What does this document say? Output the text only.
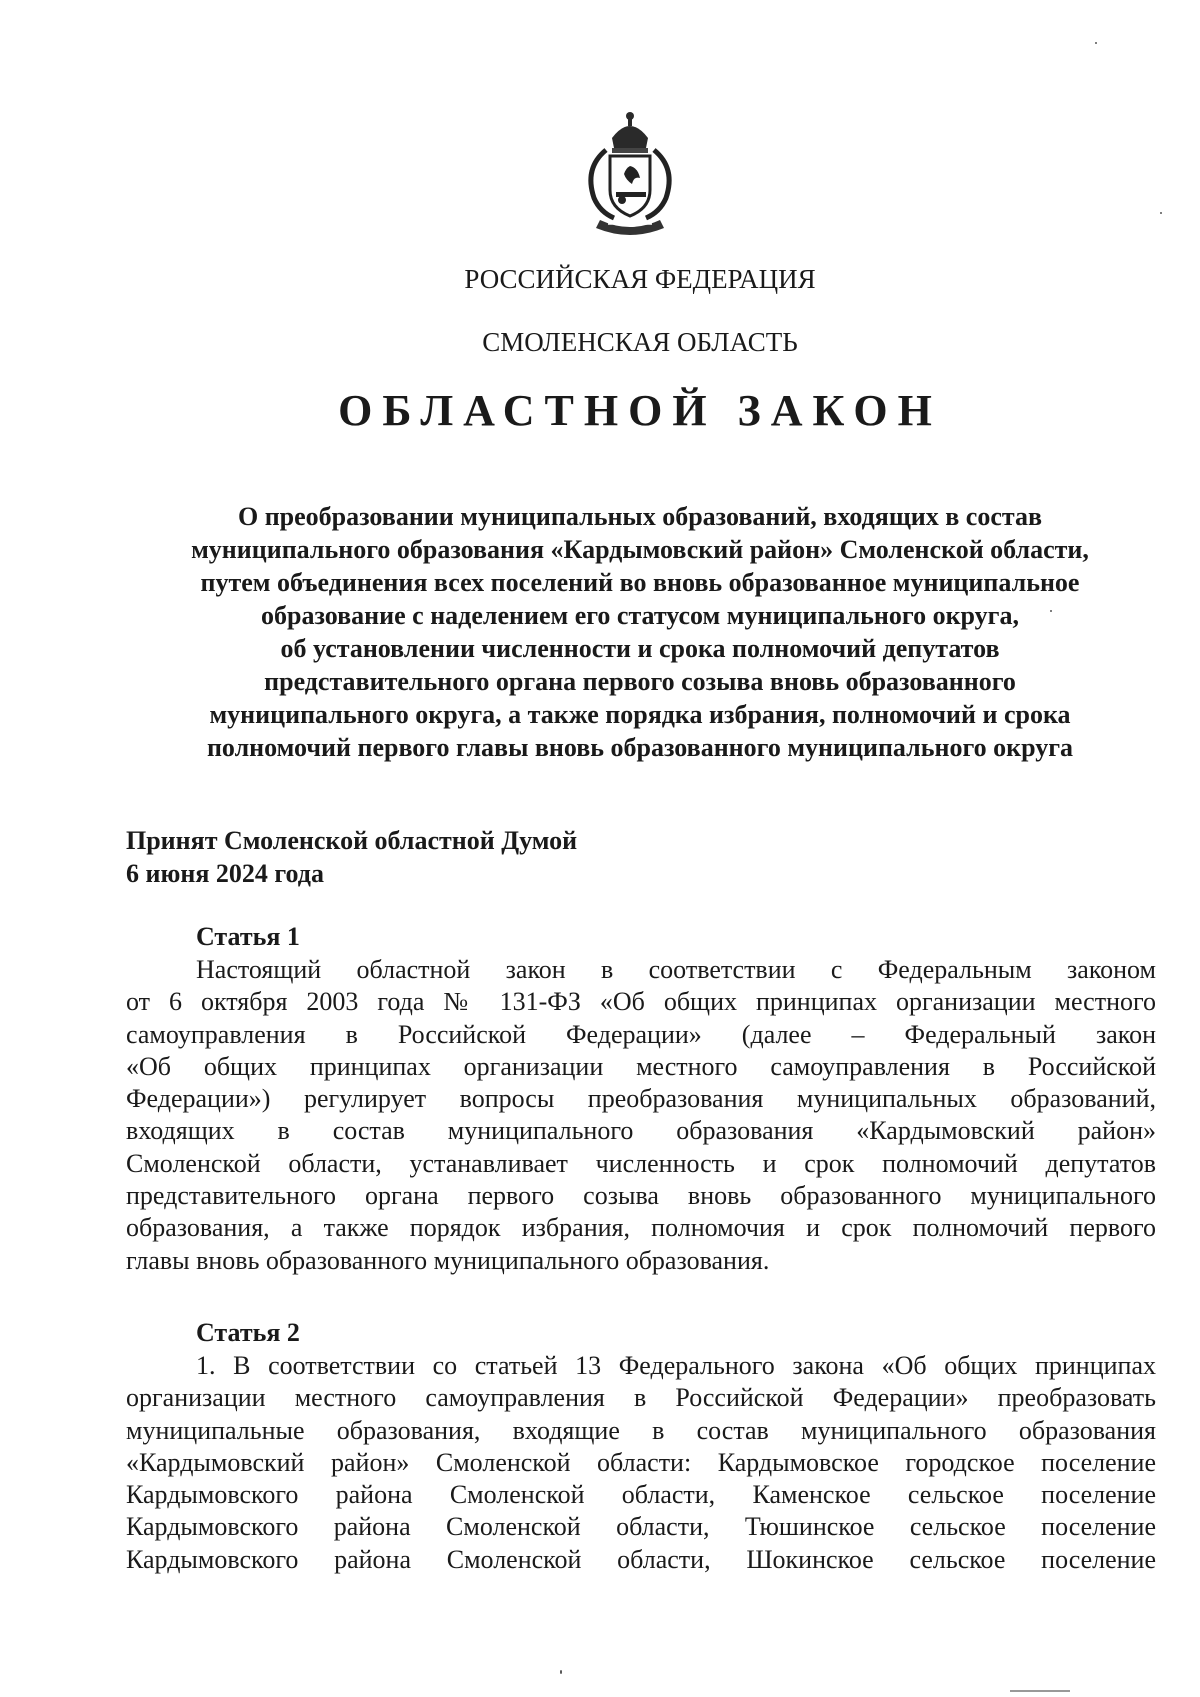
РОССИЙСКАЯ ФЕДЕРАЦИЯ
СМОЛЕНСКАЯ ОБЛАСТЬ
ОБЛАСТНОЙ ЗАКОН
О преобразовании муниципальных образований, входящих в состав
муниципального образования «Кардымовский район» Смоленской области,
путем объединения всех поселений во вновь образованное муниципальное
образование с наделением его статусом муниципального округа,
об установлении численности и срока полномочий депутатов
представительного органа первого созыва вновь образованного
муниципального округа, а также порядка избрания, полномочий и срока
полномочий первого главы вновь образованного муниципального округа
Принят Смоленской областной Думой
6 июня 2024 года
Статья 1
Настоящий областной закон в соответствии с Федеральным законом
от 6 октября 2003 года № 131-ФЗ «Об общих принципах организации местного
самоуправления в Российской Федерации» (далее – Федеральный закон
«Об общих принципах организации местного самоуправления в Российской
Федерации») регулирует вопросы преобразования муниципальных образований,
входящих в состав муниципального образования «Кардымовский район»
Смоленской области, устанавливает численность и срок полномочий депутатов
представительного органа первого созыва вновь образованного муниципального
образования, а также порядок избрания, полномочия и срок полномочий первого
главы вновь образованного муниципального образования.
Статья 2
1. В соответствии со статьей 13 Федерального закона «Об общих принципах
организации местного самоуправления в Российской Федерации» преобразовать
муниципальные образования, входящие в состав муниципального образования
«Кардымовский район» Смоленской области: Кардымовское городское поселение
Кардымовского района Смоленской области, Каменское сельское поселение
Кардымовского района Смоленской области, Тюшинское сельское поселение
Кардымовского района Смоленской области, Шокинское сельское поселение
